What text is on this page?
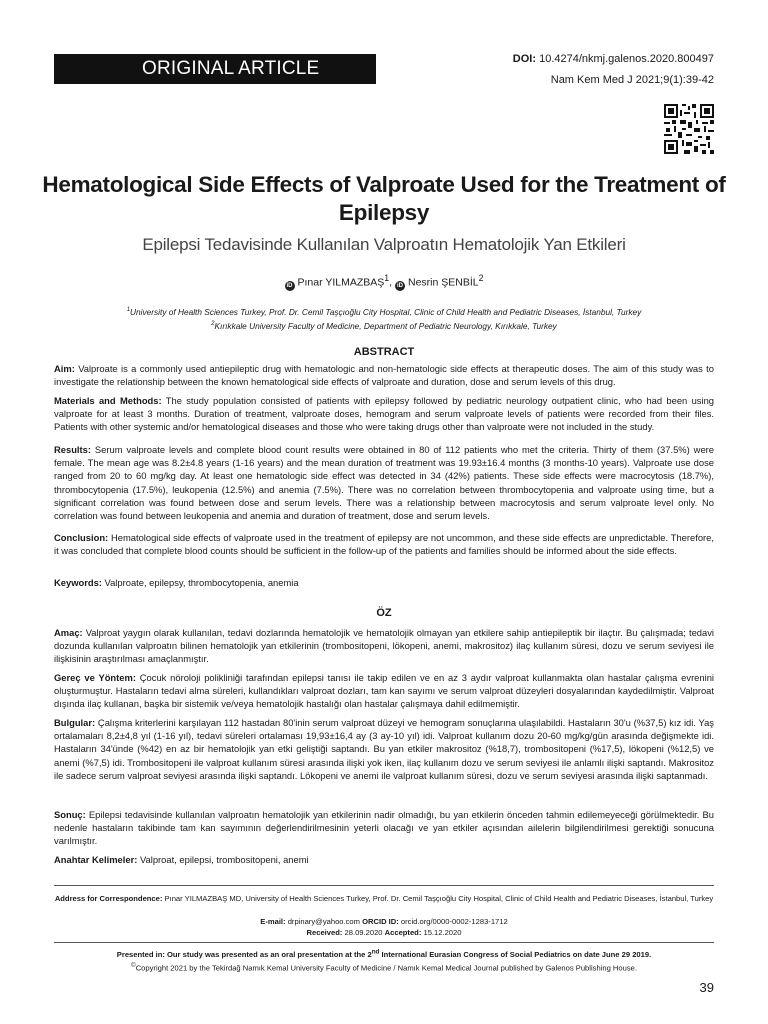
ORIGINAL ARTICLE	DOI: 10.4274/nkmj.galenos.2020.800497
Nam Kem Med J 2021;9(1):39-42
Hematological Side Effects of Valproate Used for the Treatment of Epilepsy
Epilepsi Tedavisinde Kullanılan Valproatın Hematolojik Yan Etkileri
iD Pınar YILMAZBAŞ$^1$, iD Nesrin ŞENBİL$^2$
$^1$University of Health Sciences Turkey, Prof. Dr. Cemil Taşçıoğlu City Hospital, Clinic of Child Health and Pediatric Diseases, İstanbul, Turkey
$^2$Kırıkkale University Faculty of Medicine, Department of Pediatric Neurology, Kırıkkale, Turkey
ABSTRACT

Aim: Valproate is a commonly used antiepileptic drug with hematologic and non-hematologic side effects at therapeutic doses. The aim of this study was to investigate the relationship between the known hematological side effects of valproate and duration, dose and serum levels of this drug.

Materials and Methods: The study population consisted of patients with epilepsy followed by pediatric neurology outpatient clinic, who had been using valproate for at least 3 months. Duration of treatment, valproate doses, hemogram and serum valproate levels of patients were recorded from their files. Patients with other systemic and/or hematological diseases and those who were taking drugs other than valproate were not included in the study.

Results: Serum valproate levels and complete blood count results were obtained in 80 of 112 patients who met the criteria. Thirty of them (37.5%) were female. The mean age was 8.2±4.8 years (1-16 years) and the mean duration of treatment was 19.93±16.4 months (3 months-10 years). Valproate use dose ranged from 20 to 60 mg/kg day. At least one hematologic side effect was detected in 34 (42%) patients. These side effects were macrocytosis (18.7%), thrombocytopenia (17.5%), leukopenia (12.5%) and anemia (7.5%). There was no correlation between thrombocytopenia and valproate using time, but a significant correlation was found between dose and serum levels. There was a relationship between macrocytosis and serum valproate level only. No correlation was found between leukopenia and anemia and duration of treatment, dose and serum levels.

Conclusion: Hematological side effects of valproate used in the treatment of epilepsy are not uncommon, and these side effects are unpredictable. Therefore, it was concluded that complete blood counts should be sufficient in the follow-up of the patients and families should be informed about the side effects.

Keywords: Valproate, epilepsy, thrombocytopenia, anemia

ÖZ

Amaç: Valproat yaygın olarak kullanılan, tedavi dozlarında hematolojik ve hematolojik olmayan yan etkilere sahip antiepileptik bir ilaçtır. Bu çalışmada; tedavi dozunda kullanılan valproatın bilinen hematolojik yan etkilerinin (trombositopeni, lökopeni, anemi, makrositoz) ilaç kullanım süresi, dozu ve serum seviyesi ile ilişkisinin araştırılması amaçlanmıştır.

Gereç ve Yöntem: Çocuk nöroloji polikliniği tarafından epilepsi tanısı ile takip edilen ve en az 3 aydır valproat kullanmakta olan hastalar çalışma evrenini oluşturmuştur. Hastaların tedavi alma süreleri, kullandıkları valproat dozları, tam kan sayımı ve serum valproat düzeyleri dosyalarından kaydedilmiştir. Valproat dışında ilaç kullanan, başka bir sistemik ve/veya hematolojik hastalığı olan hastalar çalışmaya dahil edilmemiştir.

Bulgular: Çalışma kriterlerini karşılayan 112 hastadan 80'inin serum valproat düzeyi ve hemogram sonuçlarına ulaşılabildi. Hastaların 30'u (%37,5) kız idi. Yaş ortalamaları 8,2±4,8 yıl (1-16 yıl), tedavi süreleri ortalaması 19,93±16,4 ay (3 ay-10 yıl) idi. Valproat kullanım dozu 20-60 mg/kg/gün arasında değişmekte idi. Hastaların 34'ünde (%42) en az bir hematolojik yan etki geliştiği saptandı. Bu yan etkiler makrositoz (%18,7), trombositopeni (%17,5), lökopeni (%12,5) ve anemi (%7,5) idi. Trombositopeni ile valproat kullanım süresi arasında ilişki yok iken, ilaç kullanım dozu ve serum seviyesi ile anlamlı ilişki saptandı. Makrositoz ile sadece serum valproat seviyesi arasında ilişki saptandı. Lökopeni ve anemi ile valproat kullanım süresi, dozu ve serum seviyesi arasında ilişki saptanmadı.

Sonuç: Epilepsi tedavisinde kullanılan valproatın hematolojik yan etkilerinin nadir olmadığı, bu yan etkilerin önceden tahmin edilemeyeceği görülmektedir. Bu nedenle hastaların takibinde tam kan sayımının değerlendirilmesinin yeterli olacağı ve yan etkiler açısından ailelerin bilgilendirilmesi gerektiği sonucuna varılmıştır.

Anahtar Kelimeler: Valproat, epilepsi, trombositopeni, anemi

Address for Correspondence: Pınar YILMAZBAŞ MD, University of Health Sciences Turkey, Prof. Dr. Cemil Taşçıoğlu City Hospital, Clinic of Child Health and Pediatric Diseases, İstanbul, Turkey
E-mail: drpinary@yahoo.com ORCID ID: orcid.org/0000-0002-1283-1712
Received: 28.09.2020 Accepted: 15.12.2020
Presented in: Our study was presented as an oral presentation at the 2nd International Eurasian Congress of Social Pediatrics on date June 29 2019.
©Copyright 2021 by the Tekirdağ Namık Kemal University Faculty of Medicine / Namık Kemal Medical Journal published by Galenos Publishing House.
39
